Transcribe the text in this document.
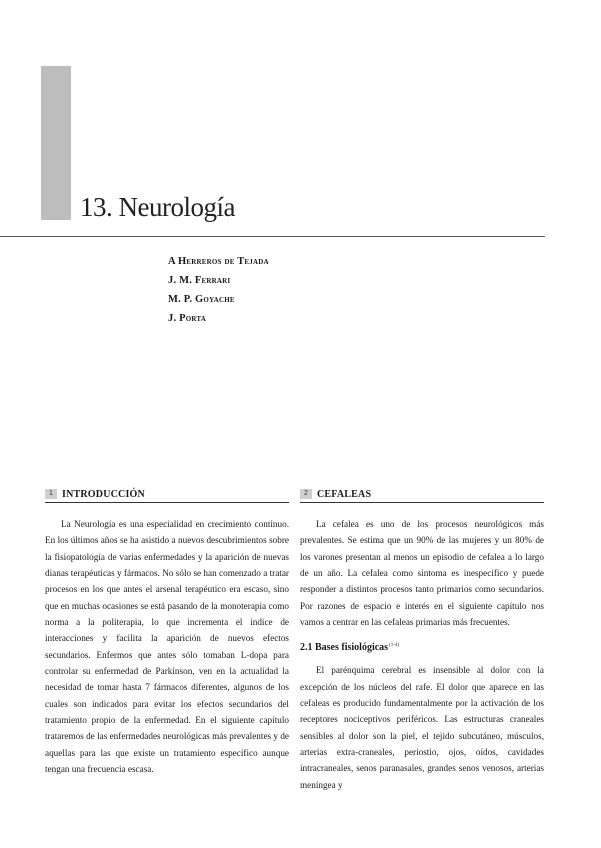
13. Neurología
A Herreros de Tejada
J. M. Ferrari
M. P. Goyache
J. Porta
1 INTRODUCCIÓN

La Neurología es una especialidad en crecimiento continuo. En los últimos años se ha asistido a nuevos descubrimientos sobre la fisiopatología de varias enfermedades y la aparición de nuevas dianas terapéuticas y fármacos. No sólo se han comenzado a tratar procesos en los que antes el arsenal terapéutico era escaso, sino que en muchas ocasiones se está pasando de la monoterapia como norma a la politerapia, lo que incrementa el índice de interacciones y facilita la aparición de nuevos efectos secundarios. Enfermos que antes sólo tomaban L-dopa para controlar su enfermedad de Parkinson, ven en la actualidad la necesidad de tomar hasta 7 fármacos diferentes, algunos de los cuales son indicados para evitar los efectos secundarios del tratamiento propio de la enfermedad. En el siguiente capítulo trataremos de las enfermedades neurológicas más prevalentes y de aquellas para las que existe un tratamiento específico aunque tengan una frecuencia escasa.

2 CEFALEAS

La cefalea es uno de los procesos neurológicos más prevalentes. Se estima que un 90% de las mujeres y un 80% de los varones presentan al menos un episodio de cefalea a lo largo de un año. La cefalea como síntoma es inespecífico y puede responder a distintos procesos tanto primarios como secundarios. Por razones de espacio e interés en el siguiente capítulo nos vamos a centrar en las cefaleas primarias más frecuentes.

2.1 Bases fisiológicas$^{(1-4)}$

El parénquima cerebral es insensible al dolor con la excepción de los núcleos del rafe. El dolor que aparece en las cefaleas es producido fundamentalmente por la activación de los receptores nociceptivos periféricos. Las estructuras craneales sensibles al dolor son la piel, el tejido subcutáneo, músculos, arterias extra-craneales, periostio, ojos, oídos, cavidades intracraneales, senos paranasales, grandes senos venosos, arterias meníngea y
